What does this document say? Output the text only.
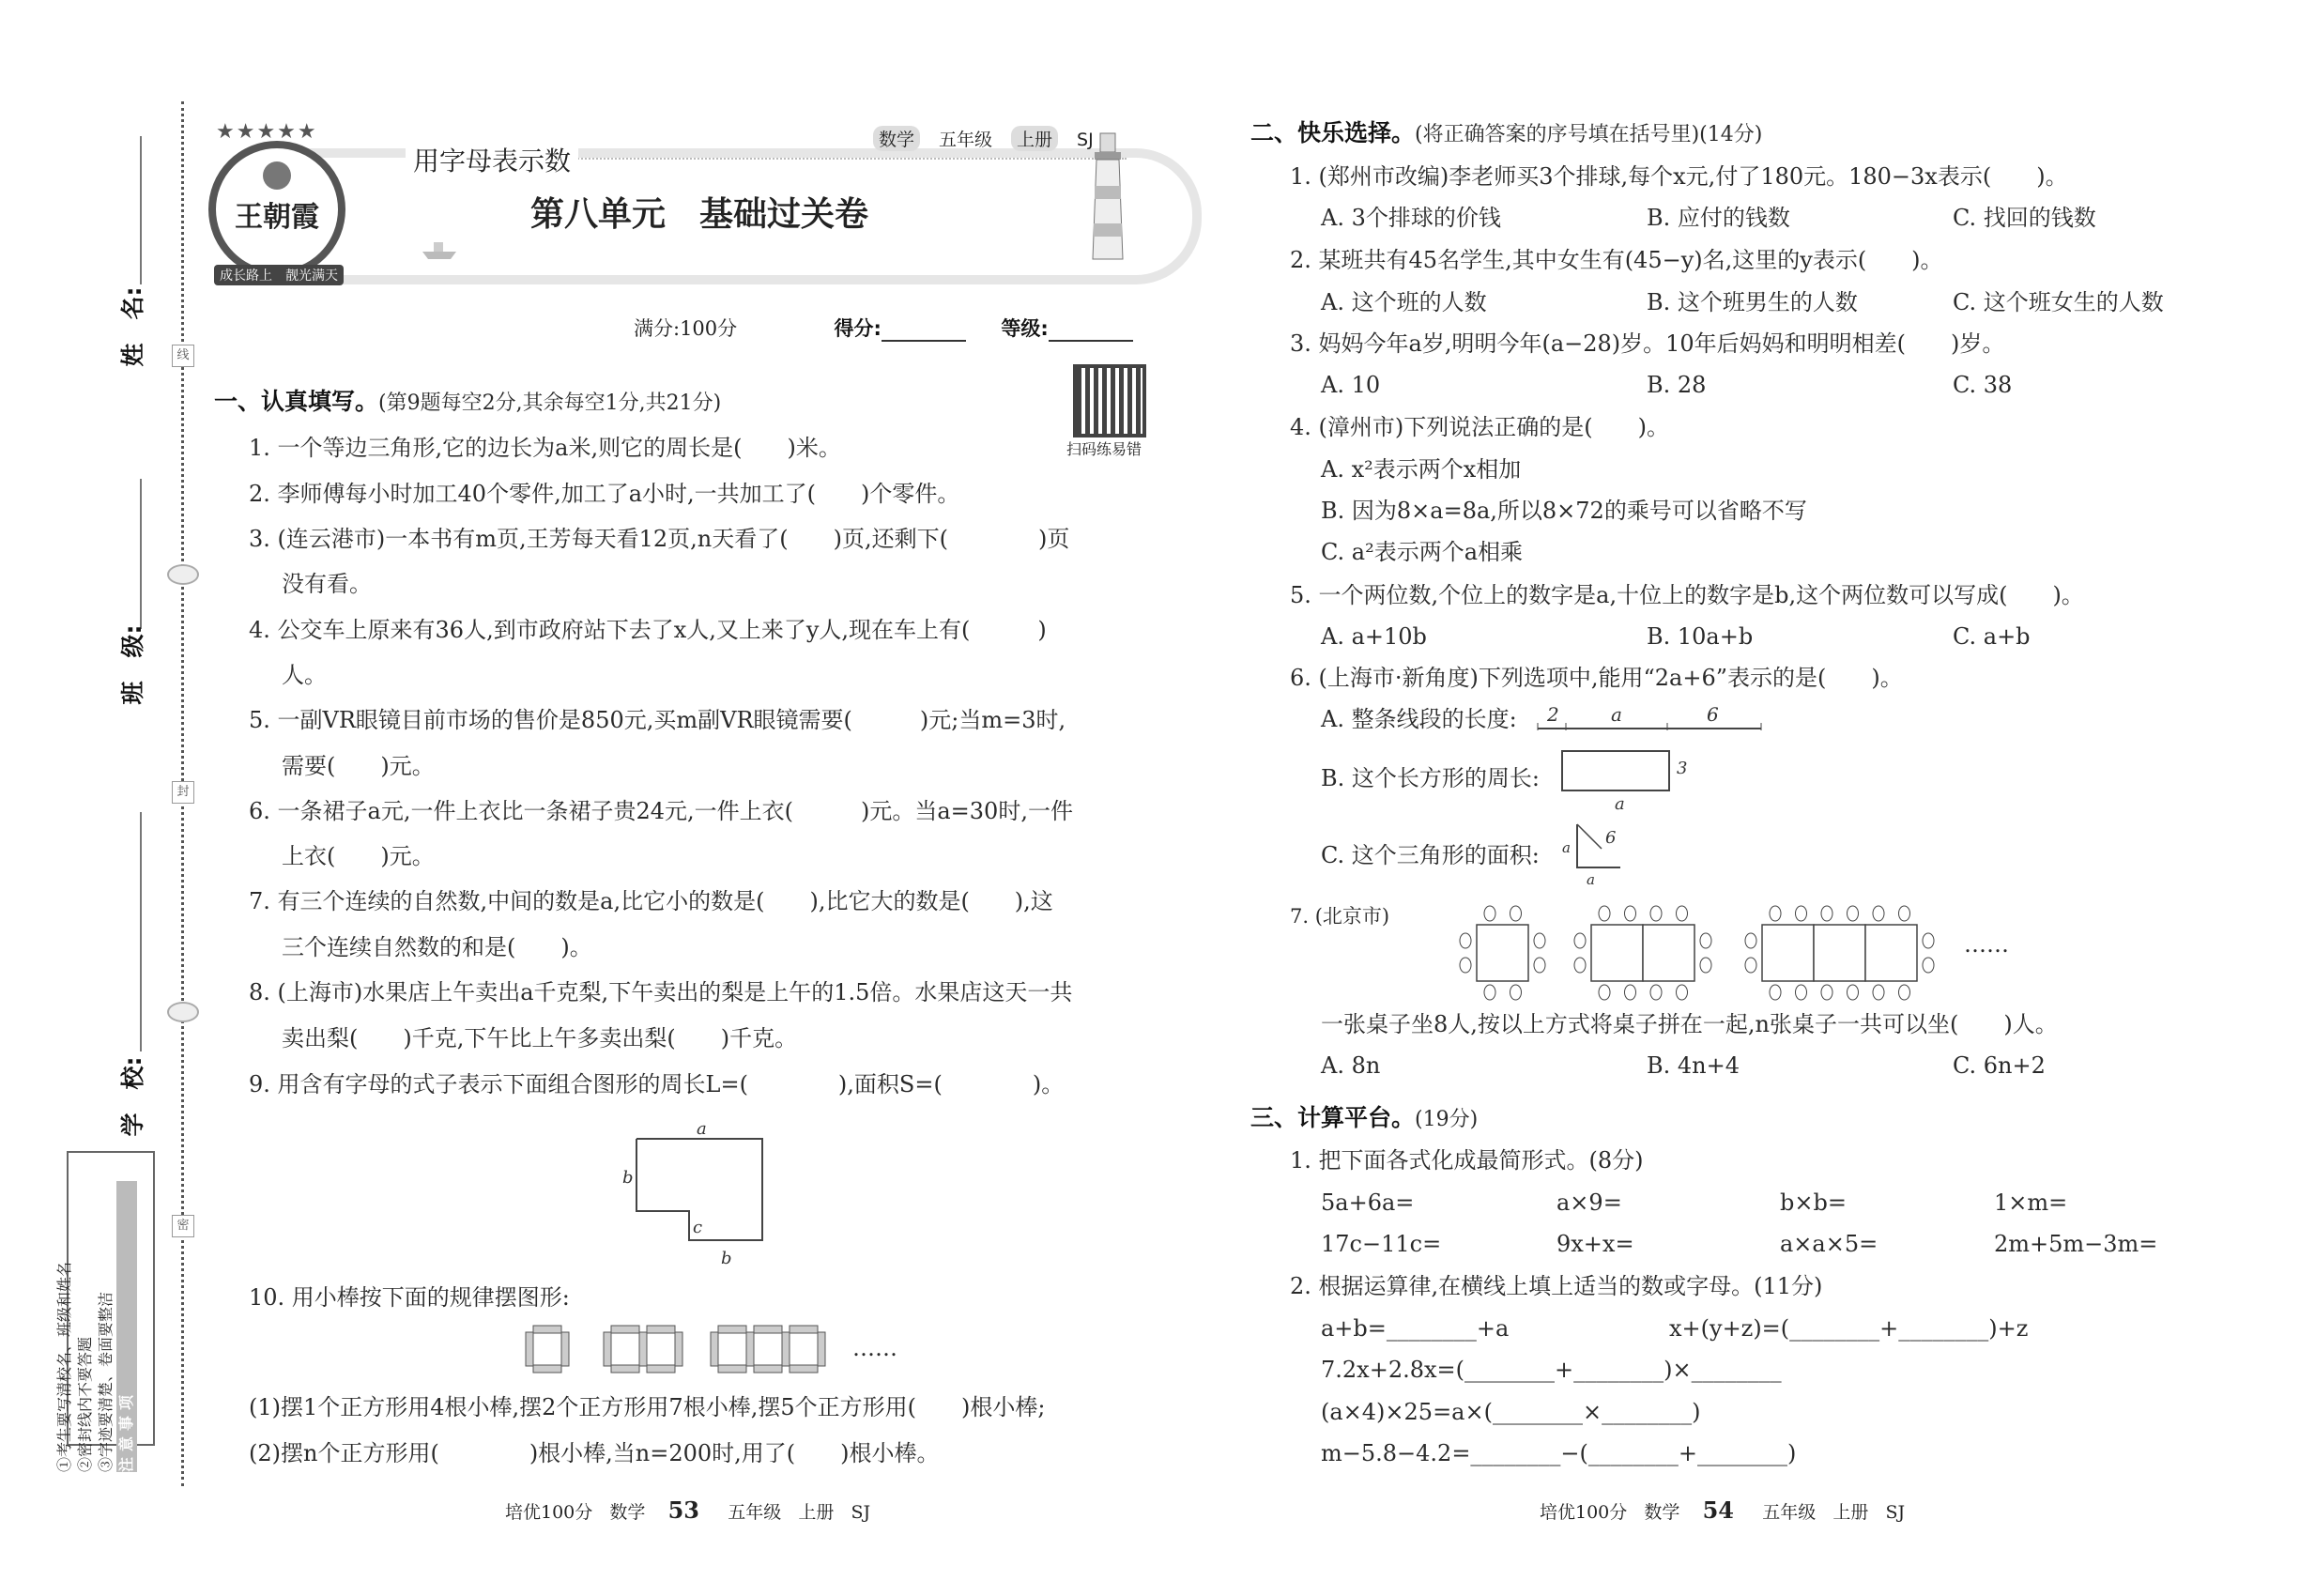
线
封
密
姓　名:
班　级:
学　校:
①考生要写清校名、班级和姓名 ②密封线内不要答题 ③字迹要清楚、卷面要整洁 注意事项
王朝霞
★★★★★
成长路上　靓光满天
数学 五年级 上册 SJ
用字母表示数
第八单元　基础过关卷
满分:100分	得分:	等级:
扫码练易错
一、认真填写。(第9题每空2分,其余每空1分,共21分)
1. 一个等边三角形,它的边长为a米,则它的周长是(　　)米。
2. 李师傅每小时加工40个零件,加工了a小时,一共加工了(　　)个零件。
3. (连云港市)一本书有m页,王芳每天看12页,n天看了(　　)页,还剩下(　　　　)页
没有看。
4. 公交车上原来有36人,到市政府站下去了x人,又上来了y人,现在车上有(　　　)
人。
5. 一副VR眼镜目前市场的售价是850元,买m副VR眼镜需要(　　　)元;当m=3时,
需要(　　)元。
6. 一条裙子a元,一件上衣比一条裙子贵24元,一件上衣(　　　)元。当a=30时,一件
上衣(　　)元。
7. 有三个连续的自然数,中间的数是a,比它小的数是(　　),比它大的数是(　　),这
三个连续自然数的和是(　　)。
8. (上海市)水果店上午卖出a千克梨,下午卖出的梨是上午的1.5倍。水果店这天一共
卖出梨(　　)千克,下午比上午多卖出梨(　　)千克。
9. 用含有字母的式子表示下面组合图形的周长L=(　　　　),面积S=(　　　　)。
a
b
c
b
10. 用小棒按下面的规律摆图形:
……
(1)摆1个正方形用4根小棒,摆2个正方形用7根小棒,摆5个正方形用(　　)根小棒;
(2)摆n个正方形用(　　　　)根小棒,当n=200时,用了(　　)根小棒。
培优100分 数学 53 五年级 上册 SJ
二、快乐选择。(将正确答案的序号填在括号里)(14分)
1. (郑州市改编)李老师买3个排球,每个x元,付了180元。180−3x表示(　　)。
A. 3个排球的价钱	B. 应付的钱数	C. 找回的钱数
2. 某班共有45名学生,其中女生有(45−y)名,这里的y表示(　　)。
A. 这个班的人数	B. 这个班男生的人数	C. 这个班女生的人数
3. 妈妈今年a岁,明明今年(a−28)岁。10年后妈妈和明明相差(　　)岁。
A. 10	B. 28	C. 38
4. (漳州市)下列说法正确的是(　　)。
A. x²表示两个x相加
B. 因为8×a=8a,所以8×72的乘号可以省略不写
C. a²表示两个a相乘
5. 一个两位数,个位上的数字是a,十位上的数字是b,这个两位数可以写成(　　)。
A. a+10b	B. 10a+b	C. a+b
6. (上海市·新角度)下列选项中,能用“2a+6”表示的是(　　)。
A. 整条线段的长度: 2	a	6
B. 这个长方形的周长:	3
a
C. 这个三角形的面积: a 6
a
7. (北京市)
……
一张桌子坐8人,按以上方式将桌子拼在一起,n张桌子一共可以坐(　　)人。
A. 8n	B. 4n+4	C. 6n+2
三、计算平台。(19分)
1. 把下面各式化成最简形式。(8分)
5a+6a=	a×9=	b×b=	1×m=
17c−11c=	9x+x=	a×a×5=	2m+5m−3m=
2. 根据运算律,在横线上填上适当的数或字母。(11分)
a+b=________+a	x+(y+z)=(________+________)+z
7.2x+2.8x=(________+________)×________
(a×4)×25=a×(________×________)
m−5.8−4.2=________−(________+________)
培优100分 数学 54 五年级 上册 SJ
